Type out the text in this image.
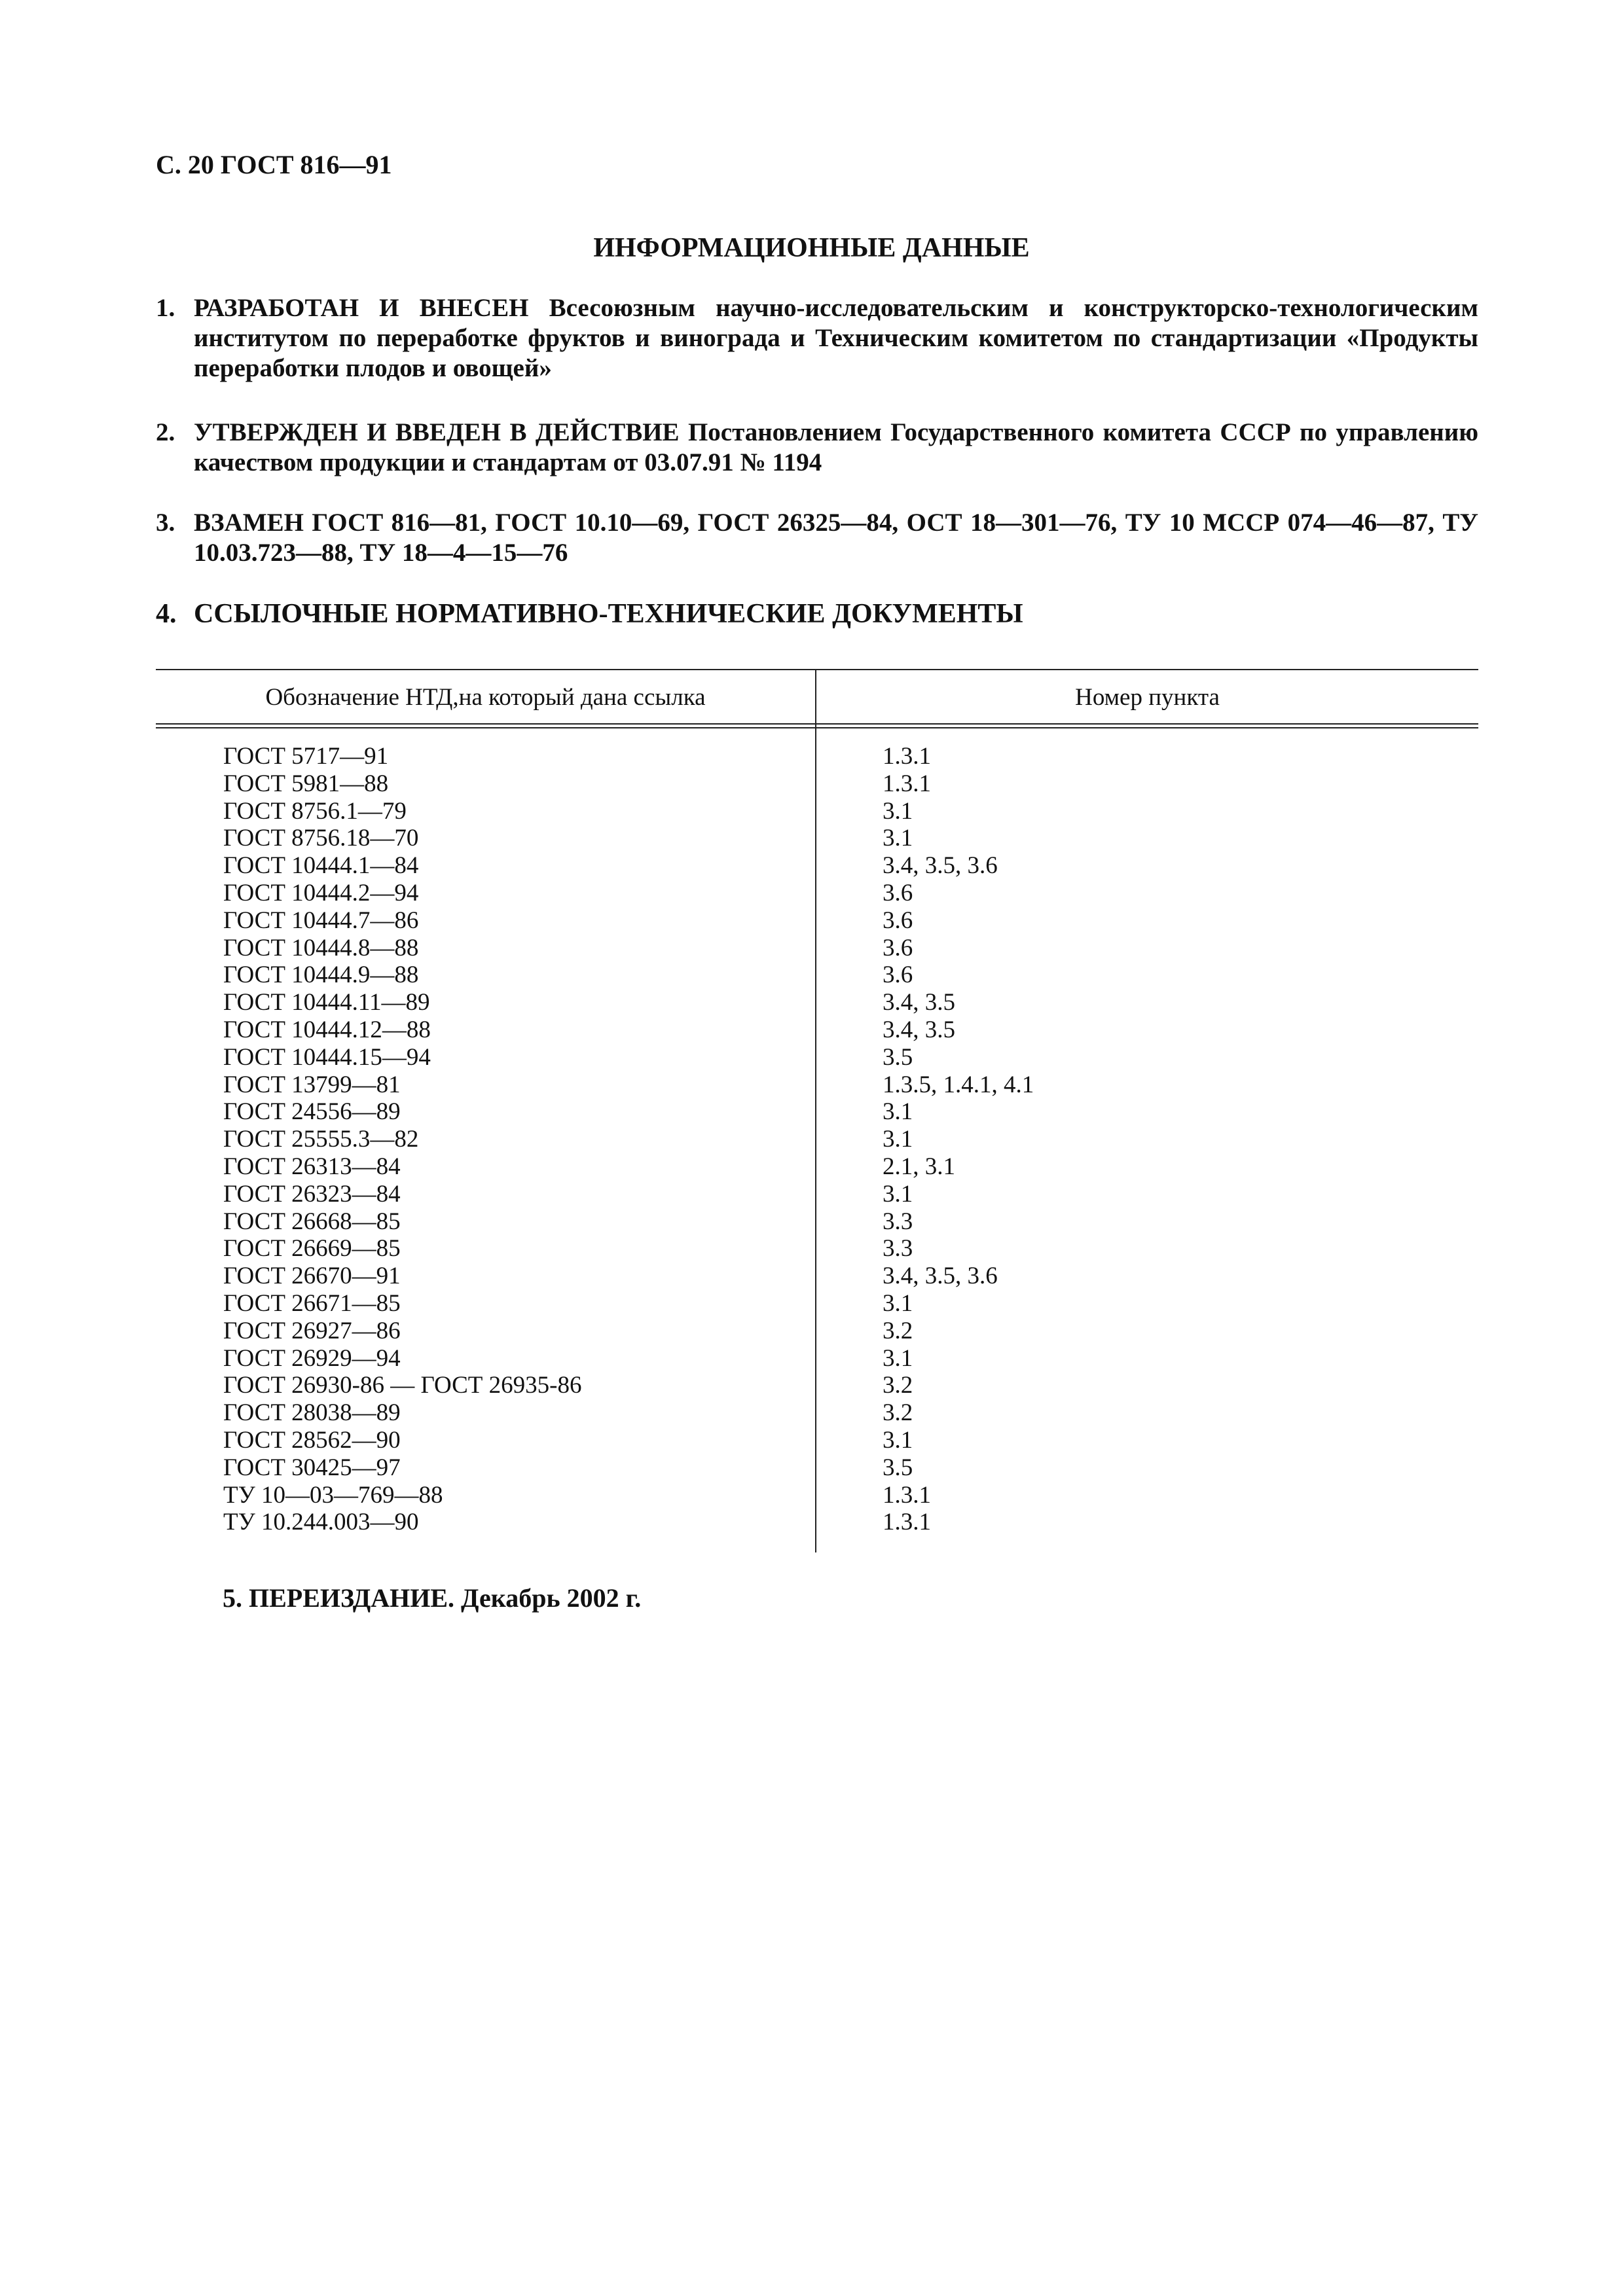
С. 20 ГОСТ 816—91

ИНФОРМАЦИОННЫЕ ДАННЫЕ
1. РАЗРАБОТАН И ВНЕСЕН Всесоюзным научно-исследовательским и конструкторско-технологическим институтом по переработке фруктов и винограда и Техническим комитетом по стандартизации «Продукты переработки плодов и овощей»
2. УТВЕРЖДЕН И ВВЕДЕН В ДЕЙСТВИЕ Постановлением Государственного комитета СССР по управлению качеством продукции и стандартам от 03.07.91 № 1194
3. ВЗАМЕН ГОСТ 816—81, ГОСТ 10.10—69, ГОСТ 26325—84, ОСТ 18—301—76, ТУ 10 МССР 074—46—87, ТУ 10.03.723—88, ТУ 18—4—15—76
4. ССЫЛОЧНЫЕ НОРМАТИВНО-ТЕХНИЧЕСКИЕ ДОКУМЕНТЫ
Обозначение НТД,на который дана ссылка	Номер пункта
ГОСТ 5717—91	1.3.1
ГОСТ 5981—88	1.3.1
ГОСТ 8756.1—79	3.1
ГОСТ 8756.18—70	3.1
ГОСТ 10444.1—84	3.4, 3.5, 3.6
ГОСТ 10444.2—94	3.6
ГОСТ 10444.7—86	3.6
ГОСТ 10444.8—88	3.6
ГОСТ 10444.9—88	3.6
ГОСТ 10444.11—89	3.4, 3.5
ГОСТ 10444.12—88	3.4, 3.5
ГОСТ 10444.15—94	3.5
ГОСТ 13799—81	1.3.5, 1.4.1, 4.1
ГОСТ 24556—89	3.1
ГОСТ 25555.3—82	3.1
ГОСТ 26313—84	2.1, 3.1
ГОСТ 26323—84	3.1
ГОСТ 26668—85	3.3
ГОСТ 26669—85	3.3
ГОСТ 26670—91	3.4, 3.5, 3.6
ГОСТ 26671—85	3.1
ГОСТ 26927—86	3.2
ГОСТ 26929—94	3.1
ГОСТ 26930-86 — ГОСТ 26935-86	3.2
ГОСТ 28038—89	3.2
ГОСТ 28562—90	3.1
ГОСТ 30425—97	3.5
ТУ 10—03—769—88	1.3.1
ТУ 10.244.003—90	1.3.1

5. ПЕРЕИЗДАНИЕ. Декабрь 2002 г.
